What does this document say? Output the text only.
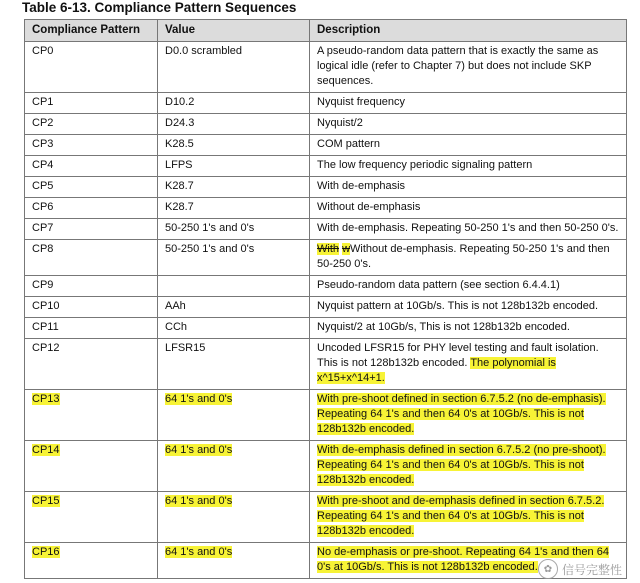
Table 6-13. Compliance Pattern Sequences
Compliance Pattern	Value	Description
CP0	D0.0 scrambled	A pseudo-random data pattern that is exactly the same as logical idle (refer to Chapter 7) but does not include SKP sequences.
CP1	D10.2	Nyquist frequency
CP2	D24.3	Nyquist/2
CP3	K28.5	COM pattern
CP4	LFPS	The low frequency periodic signaling pattern
CP5	K28.7	With de-emphasis
CP6	K28.7	Without de-emphasis
CP7	50-250 1's and 0's	With de-emphasis. Repeating 50-250 1's and then 50-250 0's.
CP8	50-250 1's and 0's	With wWithout de-emphasis. Repeating 50-250 1's and then 50-250 0's.
CP9		Pseudo-random data pattern (see section 6.4.4.1)
CP10	AAh	Nyquist pattern at 10Gb/s. This is not 128b132b encoded.
CP11	CCh	Nyquist/2 at 10Gb/s, This is not 128b132b encoded.
CP12	LFSR15	Uncoded LFSR15 for PHY level testing and fault isolation. This is not 128b132b encoded. The polynomial is x^15+x^14+1.
CP13	64 1's and 0's	With pre-shoot defined in section 6.7.5.2 (no de-emphasis). Repeating 64 1's and then 64 0's at 10Gb/s. This is not 128b132b encoded.
CP14	64 1's and 0's	With de-emphasis defined in section 6.7.5.2 (no pre-shoot). Repeating 64 1's and then 64 0's at 10Gb/s. This is not 128b132b encoded.
CP15	64 1's and 0's	With pre-shoot and de-emphasis defined in section 6.7.5.2. Repeating 64 1's and then 64 0's at 10Gb/s. This is not 128b132b encoded.
CP16	64 1's and 0's	No de-emphasis or pre-shoot. Repeating 64 1's and then 64 0's at 10Gb/s. This is not 128b132b encoded. ✿ 信号完整性
